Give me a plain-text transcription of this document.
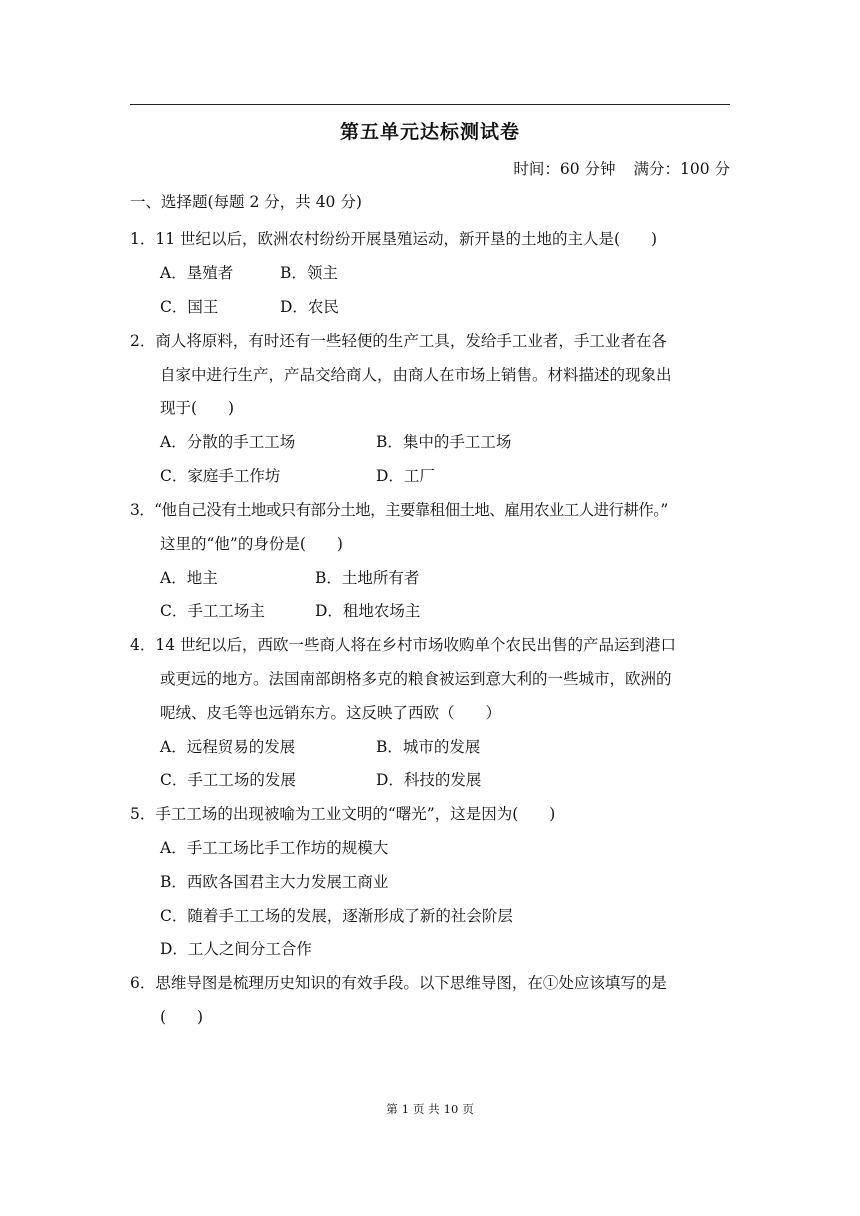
第五单元达标测试卷
时间：60 分钟 满分：100 分
一、选择题(每题 2 分，共 40 分)
1．11 世纪以后，欧洲农村纷纷开展垦殖运动，新开垦的土地的主人是(　　)
A．垦殖者	B．领主
C．国王	D．农民
2．商人将原料，有时还有一些轻便的生产工具，发给手工业者，手工业者在各
自家中进行生产，产品交给商人，由商人在市场上销售。材料描述的现象出
现于(　　)
A．分散的手工工场	B．集中的手工工场
C．家庭手工作坊	D．工厂
3．“他自己没有土地或只有部分土地，主要靠租佃土地、雇用农业工人进行耕作。”
这里的“他”的身份是(　　)
A．地主	B．土地所有者
C．手工工场主	D．租地农场主
4．14 世纪以后，西欧一些商人将在乡村市场收购单个农民出售的产品运到港口
或更远的地方。法国南部朗格多克的粮食被运到意大利的一些城市，欧洲的
呢绒、皮毛等也远销东方。这反映了西欧（　　）
A．远程贸易的发展	B．城市的发展
C．手工工场的发展	D．科技的发展
5．手工工场的出现被喻为工业文明的“曙光”，这是因为(　　)
A．手工工场比手工作坊的规模大
B．西欧各国君主大力发展工商业
C．随着手工工场的发展，逐渐形成了新的社会阶层
D．工人之间分工合作
6．思维导图是梳理历史知识的有效手段。以下思维导图，在①处应该填写的是
(　　)
第 1 页 共 10 页
